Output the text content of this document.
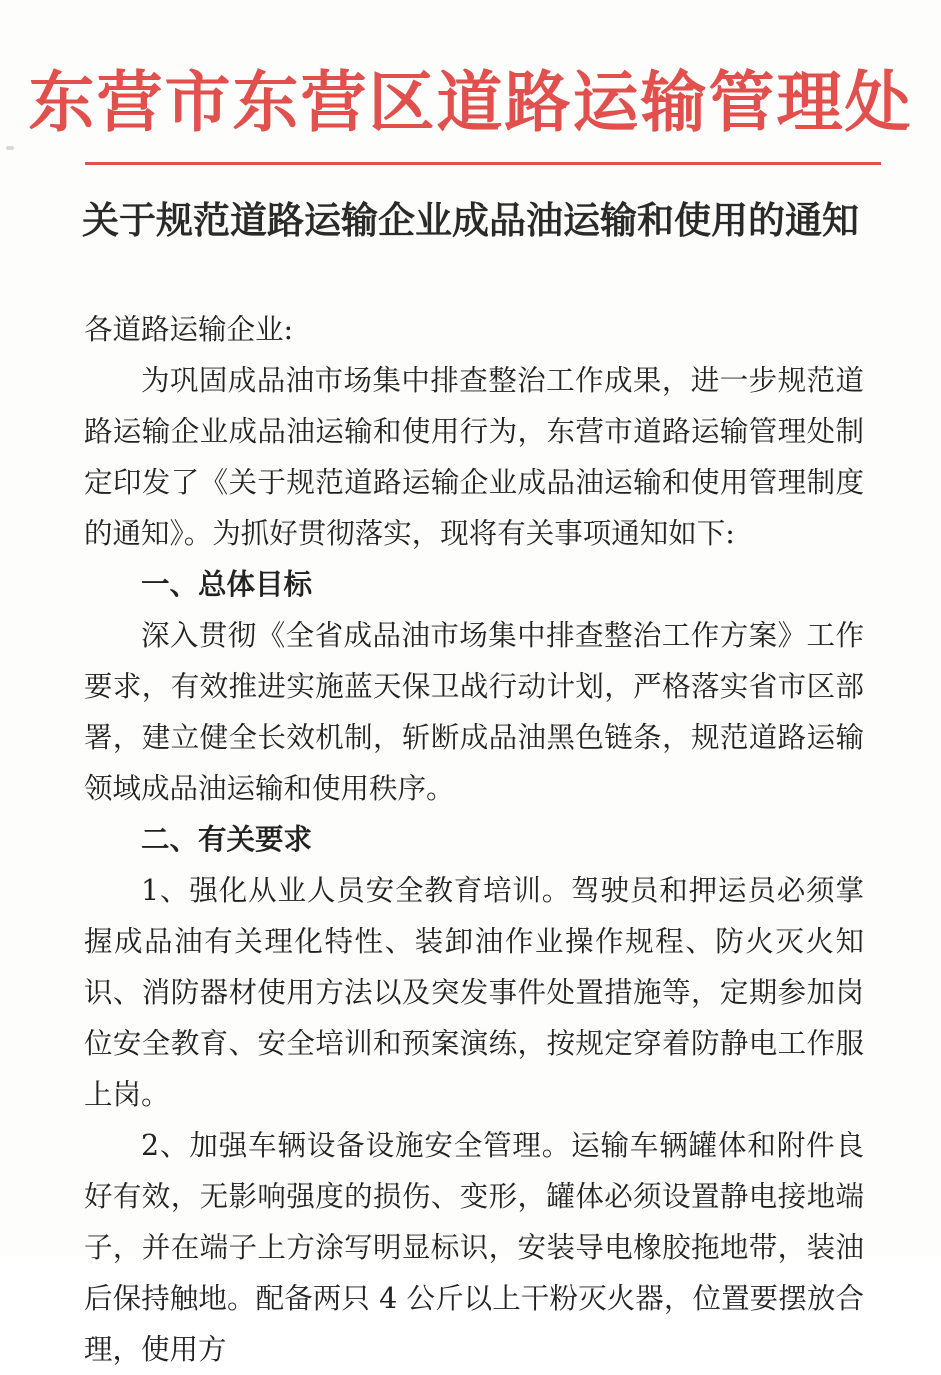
东营市东营区道路运输管理处
关于规范道路运输企业成品油运输和使用的通知

各道路运输企业:

为巩固成品油市场集中排查整治工作成果，进一步规范道路运输企业成品油运输和使用行为，东营市道路运输管理处制定印发了《关于规范道路运输企业成品油运输和使用管理制度的通知》。为抓好贯彻落实，现将有关事项通知如下:

一、总体目标

深入贯彻《全省成品油市场集中排查整治工作方案》工作要求，有效推进实施蓝天保卫战行动计划，严格落实省市区部署，建立健全长效机制，斩断成品油黑色链条，规范道路运输领域成品油运输和使用秩序。

二、有关要求

1、强化从业人员安全教育培训。驾驶员和押运员必须掌握成品油有关理化特性、装卸油作业操作规程、防火灭火知识、消防器材使用方法以及突发事件处置措施等，定期参加岗位安全教育、安全培训和预案演练，按规定穿着防静电工作服上岗。

2、加强车辆设备设施安全管理。运输车辆罐体和附件良好有效，无影响强度的损伤、变形，罐体必须设置静电接地端子，并在端子上方涂写明显标识，安装导电橡胶拖地带，装油后保持触地。配备两只 4 公斤以上干粉灭火器，位置要摆放合理，使用方
